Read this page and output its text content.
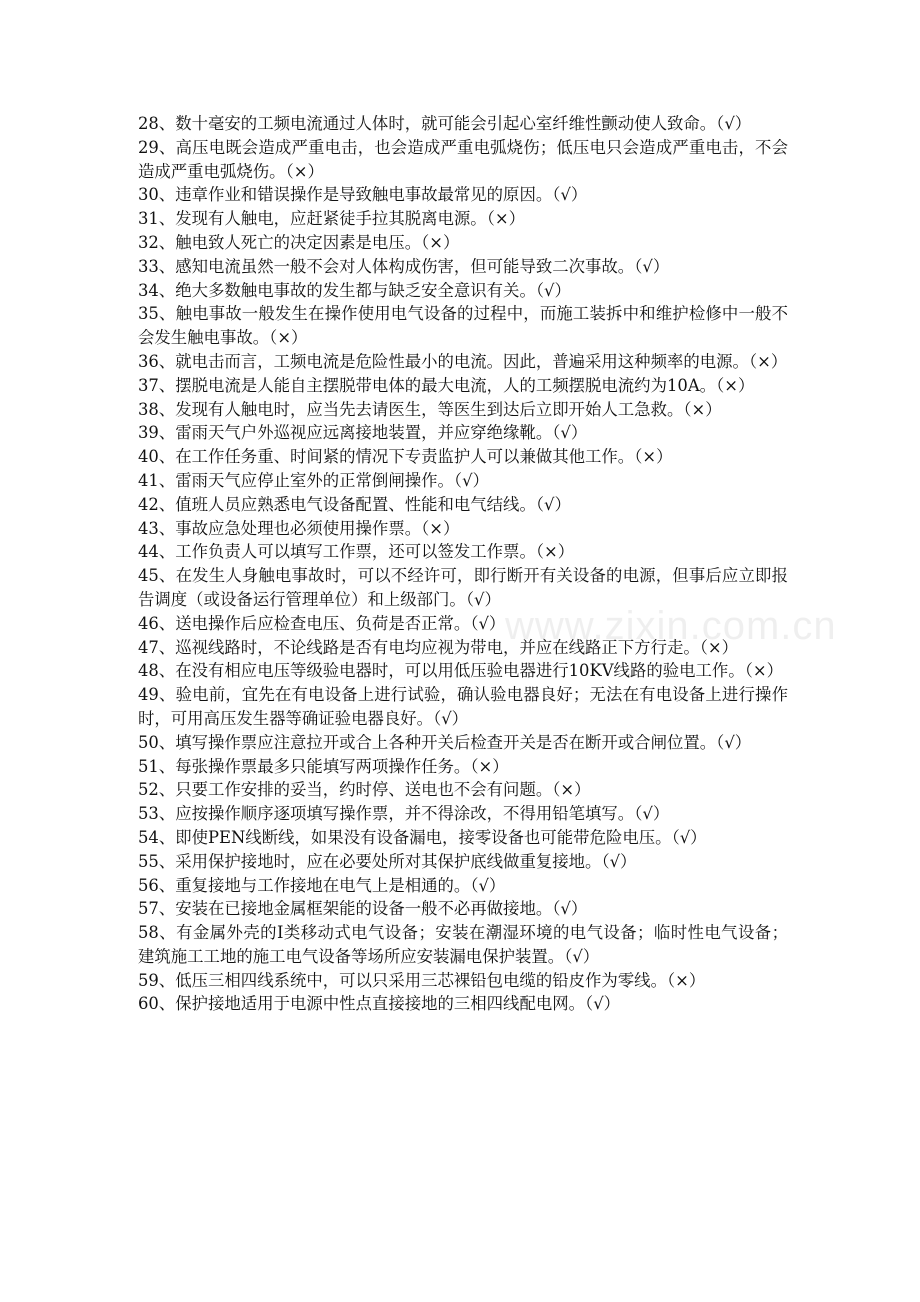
www.zixin.com.cn

28、数十毫安的工频电流通过人体时，就可能会引起心室纤维性颤动使人致命。（√）

29、高压电既会造成严重电击，也会造成严重电弧烧伤；低压电只会造成严重电击，不会造成严重电弧烧伤。（×）

30、违章作业和错误操作是导致触电事故最常见的原因。（√）

31、发现有人触电，应赶紧徒手拉其脱离电源。（×）

32、触电致人死亡的决定因素是电压。（×）

33、感知电流虽然一般不会对人体构成伤害，但可能导致二次事故。（√）

34、绝大多数触电事故的发生都与缺乏安全意识有关。（√）

35、触电事故一般发生在操作使用电气设备的过程中，而施工装拆中和维护检修中一般不会发生触电事故。（×）

36、就电击而言，工频电流是危险性最小的电流。因此，普遍采用这种频率的电源。（×）

37、摆脱电流是人能自主摆脱带电体的最大电流，人的工频摆脱电流约为10A。（×）

38、发现有人触电时，应当先去请医生，等医生到达后立即开始人工急救。（×）

39、雷雨天气户外巡视应远离接地装置，并应穿绝缘靴。（√）

40、在工作任务重、时间紧的情况下专责监护人可以兼做其他工作。（×）

41、雷雨天气应停止室外的正常倒闸操作。（√）

42、值班人员应熟悉电气设备配置、性能和电气结线。（√）

43、事故应急处理也必须使用操作票。（×）

44、工作负责人可以填写工作票，还可以签发工作票。（×）

45、在发生人身触电事故时，可以不经许可，即行断开有关设备的电源，但事后应立即报告调度（或设备运行管理单位）和上级部门。（√）

46、送电操作后应检查电压、负荷是否正常。（√）

47、巡视线路时，不论线路是否有电均应视为带电，并应在线路正下方行走。（×）

48、在没有相应电压等级验电器时，可以用低压验电器进行10KV线路的验电工作。（×）

49、验电前，宜先在有电设备上进行试验，确认验电器良好；无法在有电设备上进行操作时，可用高压发生器等确证验电器良好。（√）

50、填写操作票应注意拉开或合上各种开关后检查开关是否在断开或合闸位置。（√）

51、每张操作票最多只能填写两项操作任务。（×）

52、只要工作安排的妥当，约时停、送电也不会有问题。（×）

53、应按操作顺序逐项填写操作票，并不得涂改，不得用铅笔填写。（√）

54、即使PEN线断线，如果没有设备漏电，接零设备也可能带危险电压。（√）

55、采用保护接地时，应在必要处所对其保护底线做重复接地。（√）

56、重复接地与工作接地在电气上是相通的。（√）

57、安装在已接地金属框架能的设备一般不必再做接地。（√）

58、有金属外壳的I类移动式电气设备；安装在潮湿环境的电气设备；临时性电气设备；建筑施工工地的施工电气设备等场所应安装漏电保护装置。（√）

59、低压三相四线系统中，可以只采用三芯裸铅包电缆的铅皮作为零线。（×）

60、保护接地适用于电源中性点直接接地的三相四线配电网。（√）
